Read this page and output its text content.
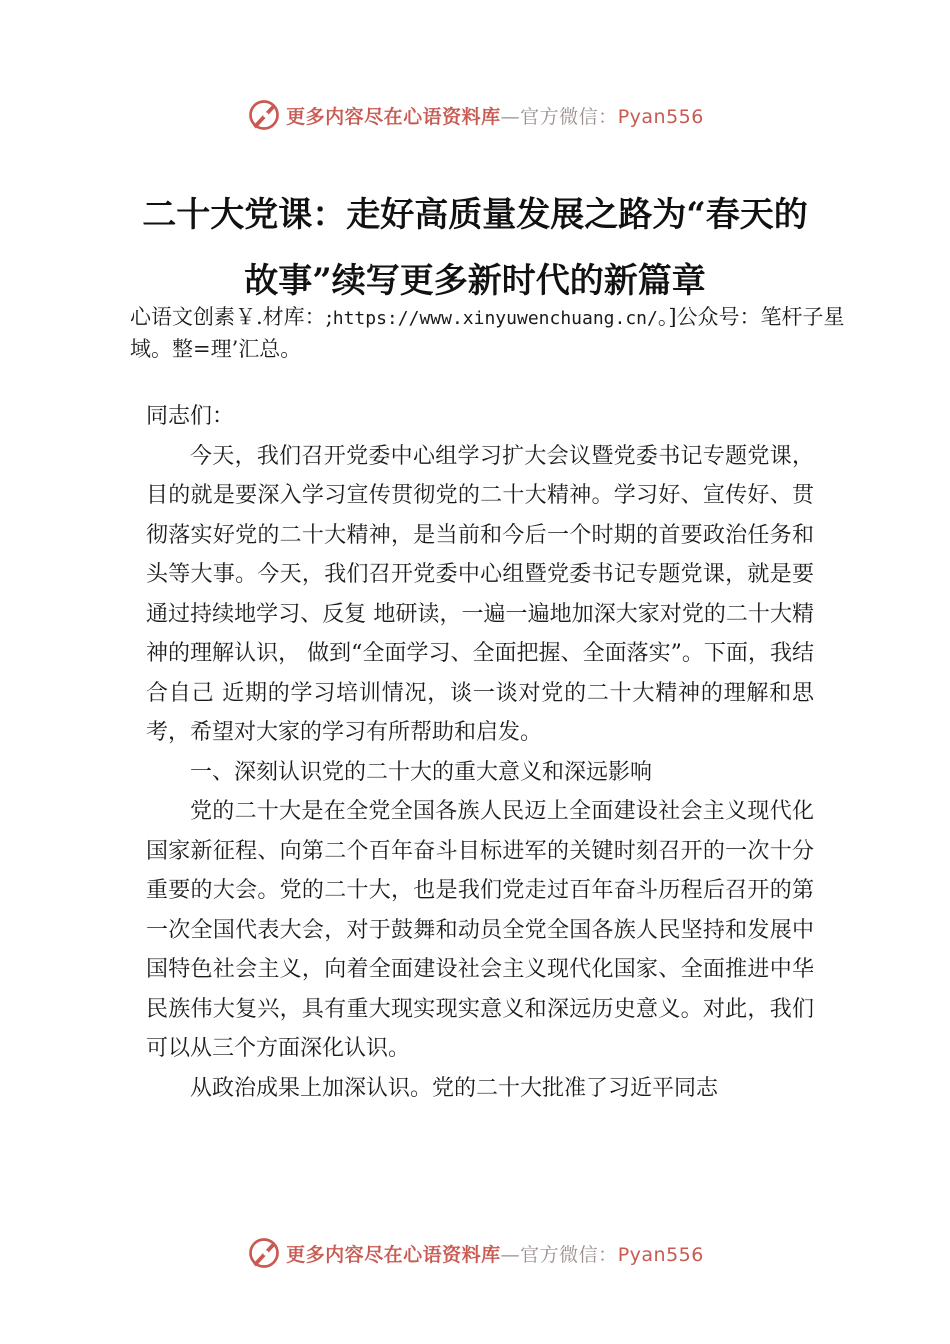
更多内容尽在心语资料库—官方微信：Pyan556
二十大党课：走好高质量发展之路为“春天的故事”续写更多新时代的新篇章
心语文创素￥.材库：;https://www.xinyuwenchuang.cn/。]公众号：笔杆子星域。整=理’汇总。

同志们：

今天，我们召开党委中心组学习扩大会议暨党委书记专题党课，目的就是要深入学习宣传贯彻党的二十大精神。学习好、宣传好、贯彻落实好党的二十大精神，是当前和今后一个时期的首要政治任务和头等大事。今天，我们召开党委中心组暨党委书记专题党课，就是要通过持续地学习、反复 地研读，一遍一遍地加深大家对党的二十大精神的理解认识， 做到“全面学习、全面把握、全面落实”。下面，我结合自己 近期的学习培训情况，谈一谈对党的二十大精神的理解和思 考，希望对大家的学习有所帮助和启发。

一、深刻认识党的二十大的重大意义和深远影响

党的二十大是在全党全国各族人民迈上全面建设社会主义现代化国家新征程、向第二个百年奋斗目标进军的关键时刻召开的一次十分重要的大会。党的二十大，也是我们党走过百年奋斗历程后召开的第一次全国代表大会，对于鼓舞和动员全党全国各族人民坚持和发展中国特色社会主义，向着全面建设社会主义现代化国家、全面推进中华民族伟大复兴，具有重大现实现实意义和深远历史意义。对此，我们可以从三个方面深化认识。

从政治成果上加深认识。党的二十大批准了习近平同志

更多内容尽在心语资料库—官方微信：Pyan556
